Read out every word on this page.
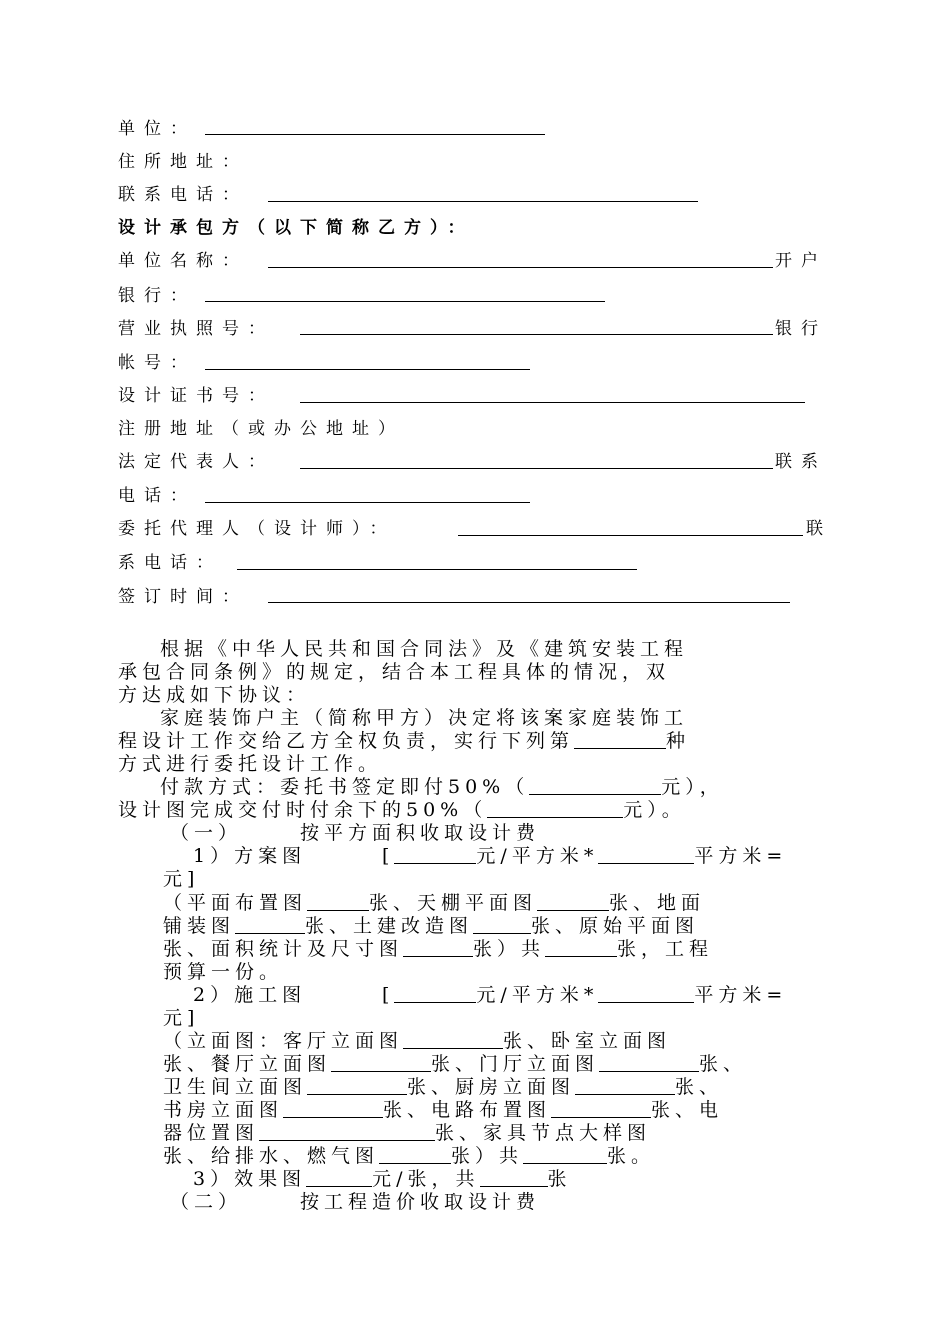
单位：
住所地址：
联系电话：
设计承包方（以下简称乙方）：
单位名称：	开户
银行：
营业执照号：	银行
帐号：
设计证书号：
注册地址（或办公地址）
法定代表人：	联系
电话：
委托代理人（设计师）：	联
系电话：
签订时间：
根据《中华人民共和国合同法》及《建筑安装工程
承包合同条例》的规定，结合本工程具体的情况，双
方达成如下协议：
家庭装饰户主（简称甲方）决定将该案家庭装饰工
程设计工作交给乙方全权负责，实行下列第	种
方式进行委托设计工作。
付款方式：委托书签定即付50%（	元），
设计图完成交付时付余下的50%（	元）。
（一）	按平方面积收取设计费
1）方案图	[	元/平方米*	平方米=
元]
（平面布置图	张、天棚平面图	张、地面
铺装图	张、土建改造图	张、原始平面图
张、面积统计及尺寸图	张）共	张，工程
预算一份。
2）施工图	[	元/平方米*	平方米=
元]
（立面图：客厅立面图	张、卧室立面图
张、餐厅立面图	张、门厅立面图	张、
卫生间立面图	张、厨房立面图	张、
书房立面图	张、电路布置图	张、电
器位置图	张、家具节点大样图
张、给排水、燃气图	张）共	张。
3）效果图	元/张，共	张
（二）	按工程造价收取设计费
